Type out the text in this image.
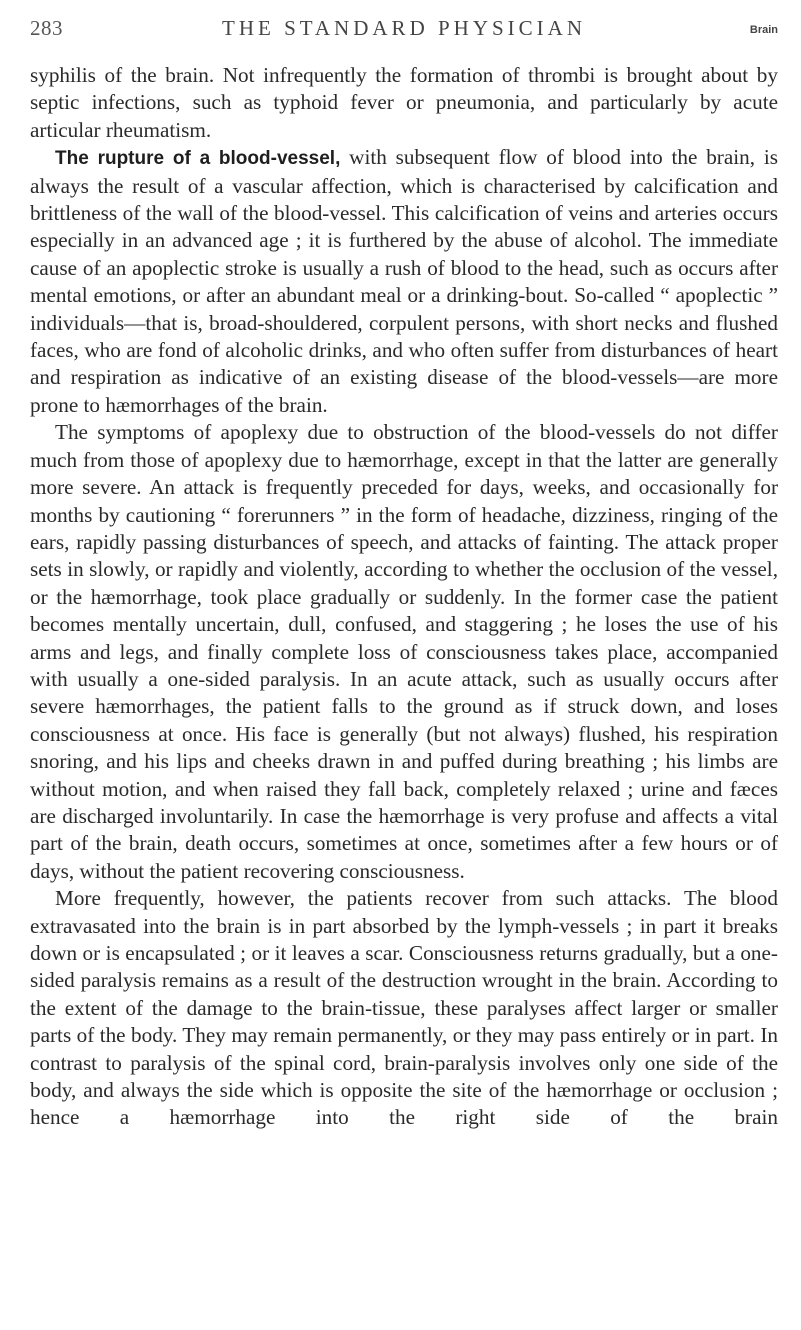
283	THE STANDARD PHYSICIAN	Brain

syphilis of the brain. Not infrequently the formation of thrombi is brought about by septic infections, such as typhoid fever or pneumonia, and particularly by acute articular rheumatism.

The rupture of a blood-vessel, with subsequent flow of blood into the brain, is always the result of a vascular affection, which is characterised by calcification and brittleness of the wall of the blood-vessel. This calcification of veins and arteries occurs especially in an advanced age ; it is furthered by the abuse of alcohol. The immediate cause of an apoplectic stroke is usually a rush of blood to the head, such as occurs after mental emotions, or after an abundant meal or a drinking-bout. So-called “ apoplectic ” individuals—that is, broad-shouldered, corpulent persons, with short necks and flushed faces, who are fond of alcoholic drinks, and who often suffer from disturbances of heart and respiration as indicative of an existing disease of the blood-vessels—are more prone to hæmorrhages of the brain.

The symptoms of apoplexy due to obstruction of the blood-vessels do not differ much from those of apoplexy due to hæmorrhage, except in that the latter are generally more severe. An attack is frequently preceded for days, weeks, and occasionally for months by cautioning “ forerunners ” in the form of headache, dizziness, ringing of the ears, rapidly passing disturbances of speech, and attacks of fainting. The attack proper sets in slowly, or rapidly and violently, according to whether the occlusion of the vessel, or the hæmorrhage, took place gradually or suddenly. In the former case the patient becomes mentally uncertain, dull, confused, and staggering ; he loses the use of his arms and legs, and finally complete loss of consciousness takes place, accompanied with usually a one-sided paralysis. In an acute attack, such as usually occurs after severe hæmorrhages, the patient falls to the ground as if struck down, and loses consciousness at once. His face is generally (but not always) flushed, his respiration snoring, and his lips and cheeks drawn in and puffed during breathing ; his limbs are without motion, and when raised they fall back, completely relaxed ; urine and fæces are discharged involuntarily. In case the hæmorrhage is very profuse and affects a vital part of the brain, death occurs, sometimes at once, sometimes after a few hours or of days, without the patient recovering consciousness.

More frequently, however, the patients recover from such attacks. The blood extravasated into the brain is in part absorbed by the lymph-vessels ; in part it breaks down or is encapsulated ; or it leaves a scar. Consciousness returns gradually, but a one-sided paralysis remains as a result of the destruction wrought in the brain. According to the extent of the damage to the brain-tissue, these paralyses affect larger or smaller parts of the body. They may remain permanently, or they may pass entirely or in part. In contrast to paralysis of the spinal cord, brain-paralysis involves only one side of the body, and always the side which is opposite the site of the hæmorrhage or occlusion ; hence a hæmorrhage into the right side of the brain
